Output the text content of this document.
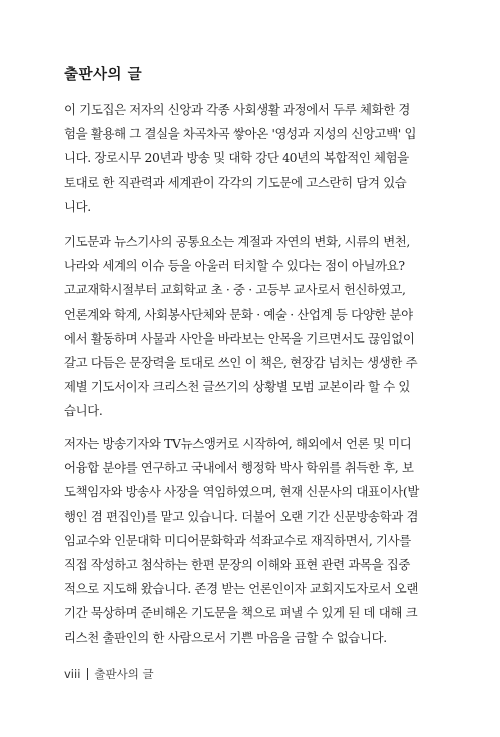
출판사의 글

이 기도집은 저자의 신앙과 각종 사회생활 과정에서 두루 체화한 경
험을 활용해 그 결실을 차곡차곡 쌓아온 '영성과 지성의 신앙고백' 입
니다. 장로시무 20년과 방송 및 대학 강단 40년의 복합적인 체험을
토대로 한 직관력과 세계관이 각각의 기도문에 고스란히 담겨 있습
니다.

기도문과 뉴스기사의 공통요소는 계절과 자연의 변화, 시류의 변천,
나라와 세계의 이슈 등을 아울러 터치할 수 있다는 점이 아닐까요?
고교재학시절부터 교회학교 초 · 중 · 고등부 교사로서 헌신하였고,
언론계와 학계, 사회봉사단체와 문화 · 예술 · 산업계 등 다양한 분야
에서 활동하며 사물과 사안을 바라보는 안목을 기르면서도 끊임없이
갈고 다듬은 문장력을 토대로 쓰인 이 책은, 현장감 넘치는 생생한 주
제별 기도서이자 크리스천 글쓰기의 상황별 모범 교본이라 할 수 있
습니다.

저자는 방송기자와 TV뉴스앵커로 시작하여, 해외에서 언론 및 미디
어융합 분야를 연구하고 국내에서 행정학 박사 학위를 취득한 후, 보
도책임자와 방송사 사장을 역임하였으며, 현재 신문사의 대표이사(발
행인 겸 편집인)를 맡고 있습니다. 더불어 오랜 기간 신문방송학과 겸
임교수와 인문대학 미디어문화학과 석좌교수로 재직하면서, 기사를
직접 작성하고 첨삭하는 한편 문장의 이해와 표현 관련 과목을 집중
적으로 지도해 왔습니다. 존경 받는 언론인이자 교회지도자로서 오랜
기간 묵상하며 준비해온 기도문을 책으로 펴낼 수 있게 된 데 대해 크
리스천 출판인의 한 사람으로서 기쁜 마음을 금할 수 없습니다.

viii 출판사의 글
